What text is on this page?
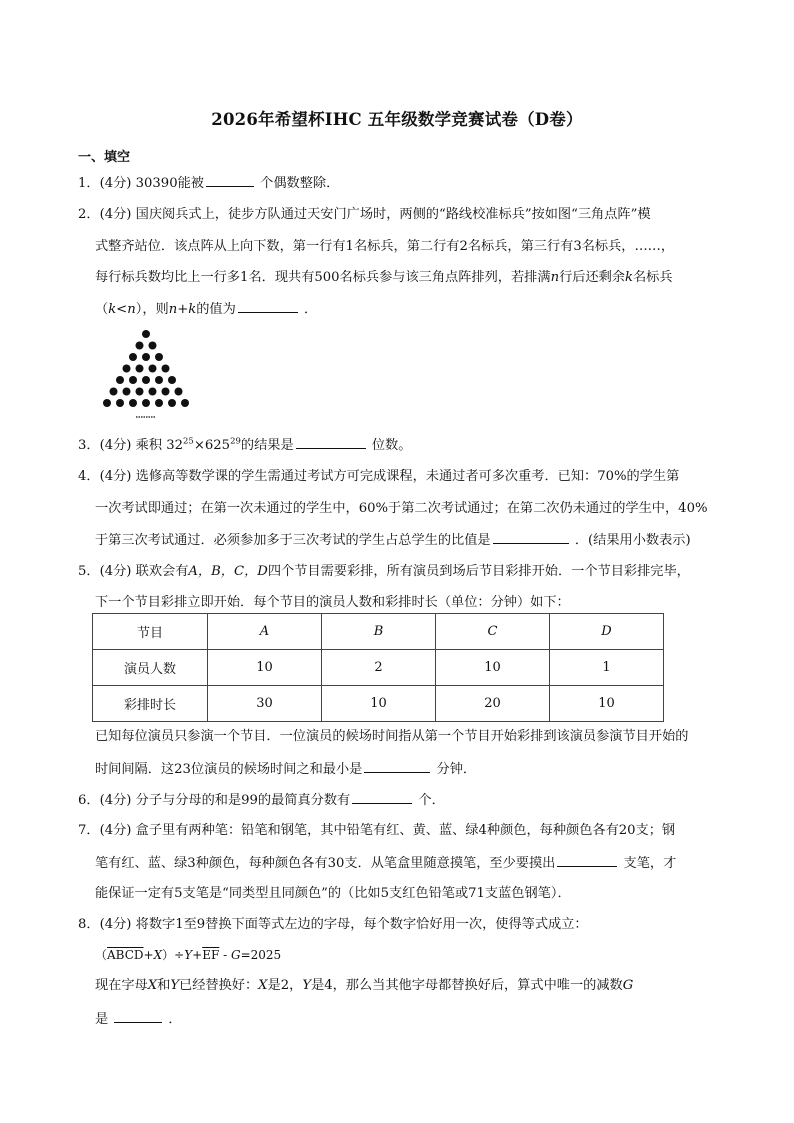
2026年希望杯IHC 五年级数学竞赛试卷（D卷）
一、填空
1．(4分) 30390能被	个偶数整除．
2．(4分) 国庆阅兵式上，徒步方队通过天安门广场时，两侧的“路线校准标兵”按如图“三角点阵”模
式整齐站位．该点阵从上向下数，第一行有1名标兵，第二行有2名标兵，第三行有3名标兵，……，
每行标兵数均比上一行多1名．现共有500名标兵参与该三角点阵排列，若排满n行后还剩余k名标兵
（k<n），则n+k的值为	．
3．(4分) 乘积 $32^{25}\times 625^{29}$的结果是	位数。
4．(4分) 选修高等数学课的学生需通过考试方可完成课程，未通过者可多次重考．已知：70%的学生第
一次考试即通过；在第一次未通过的学生中，60%于第二次考试通过；在第二次仍未通过的学生中，40%
于第三次考试通过．必须参加多于三次考试的学生占总学生的比值是	．(结果用小数表示)
5．(4分) 联欢会有A，B，C，D四个节目需要彩排，所有演员到场后节目彩排开始．一个节目彩排完毕，
下一个节目彩排立即开始．每个节目的演员人数和彩排时长（单位：分钟）如下：
节目	A	B	C	D
演员人数	10	2	10	1
彩排时长	30	10	20	10
已知每位演员只参演一个节目．一位演员的候场时间指从第一个节目开始彩排到该演员参演节目开始的
时间间隔．这23位演员的候场时间之和最小是	分钟．
6．(4分) 分子与分母的和是99的最简真分数有	个．
7．(4分) 盒子里有两种笔：铅笔和钢笔，其中铅笔有红、黄、蓝、绿4种颜色，每种颜色各有20支；钢
笔有红、蓝、绿3种颜色，每种颜色各有30支．从笔盒里随意摸笔，至少要摸出	支笔，才
能保证一定有5支笔是“同类型且同颜色”的（比如5支红色铅笔或71支蓝色钢笔）．
8．(4分) 将数字1至9替换下面等式左边的字母，每个数字恰好用一次，使得等式成立：
$(ABCD+X)\div Y+\overline{EF} - G=2025$
现在字母X和Y已经替换好：X是2，Y是4，那么当其他字母都替换好后，算式中唯一的减数G
是	．
